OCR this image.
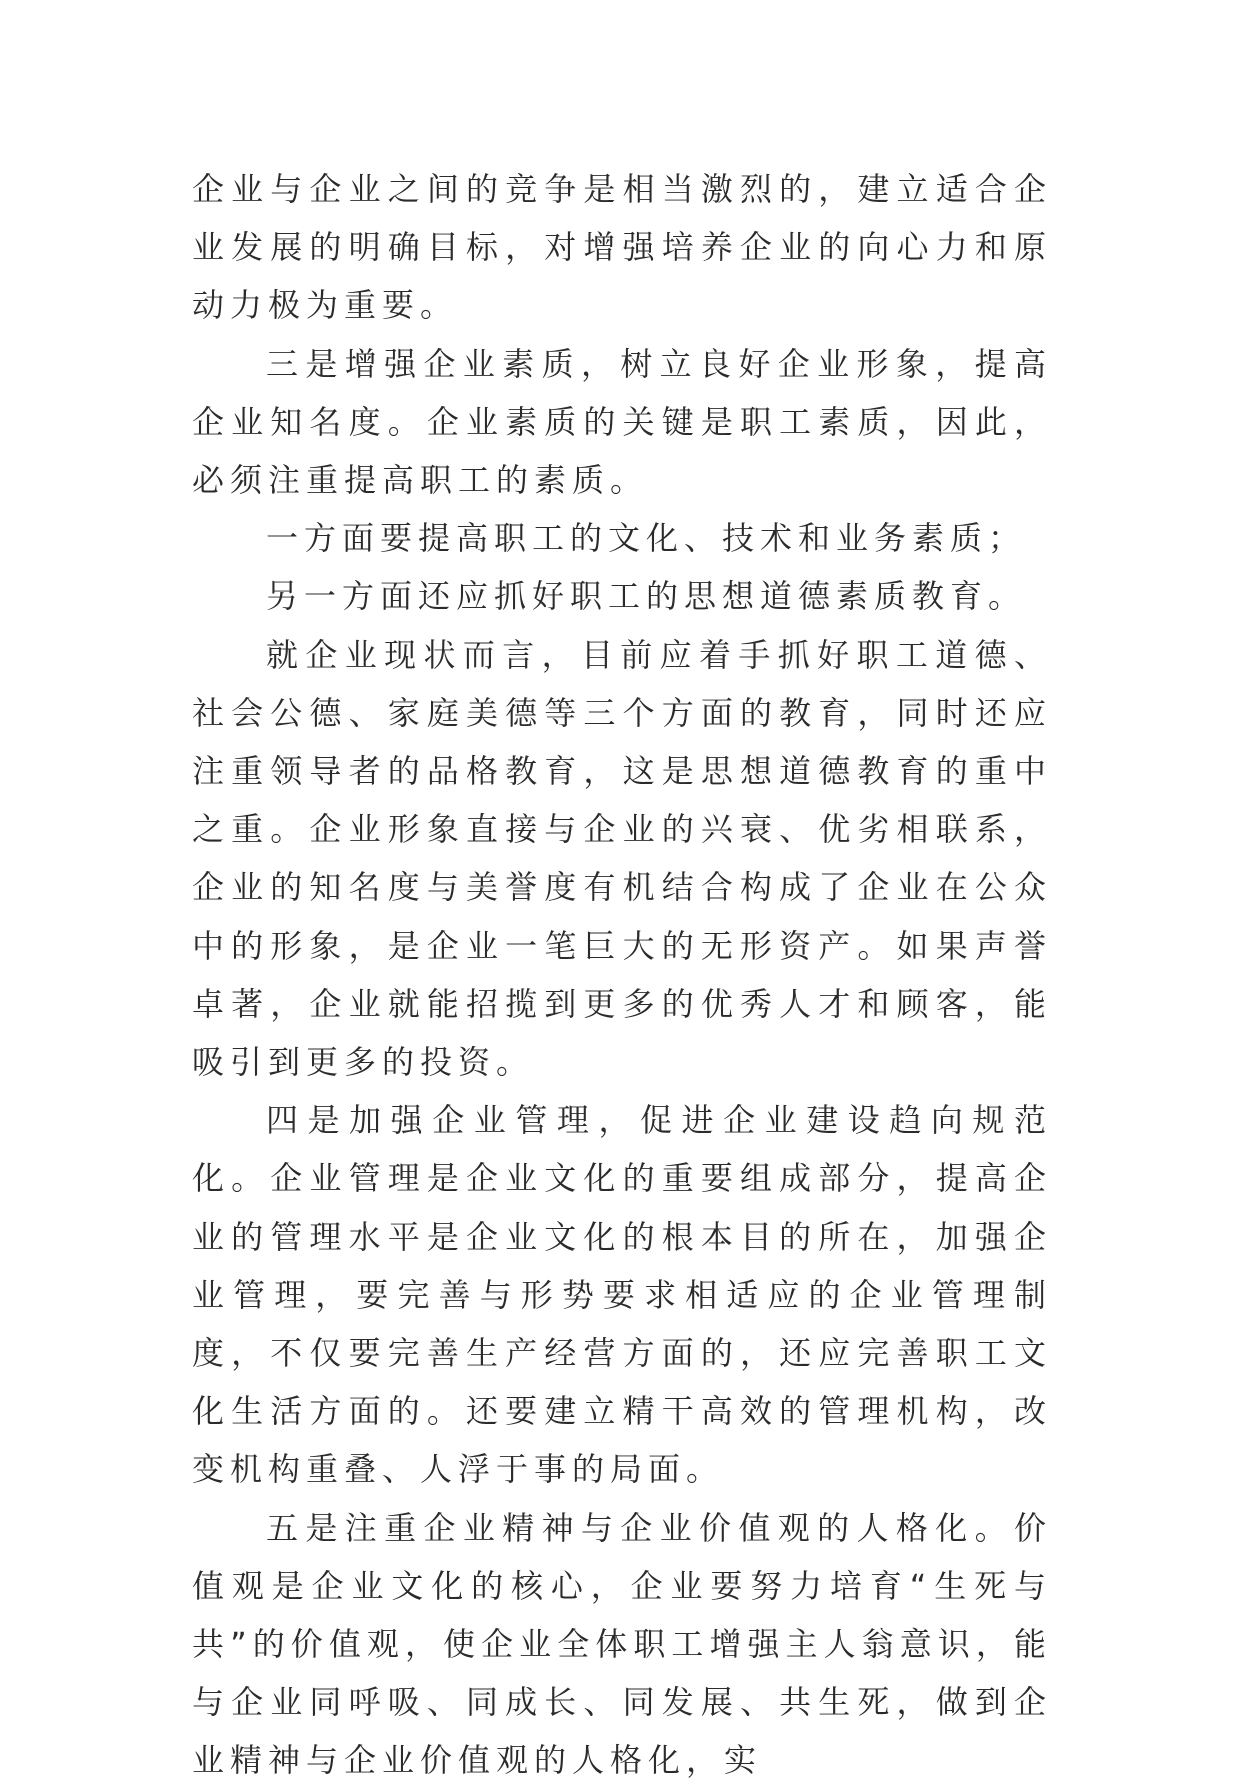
企业与企业之间的竞争是相当激烈的，建立适合企业发展的明确目标，对增强培养企业的向心力和原动力极为重要。

三是增强企业素质，树立良好企业形象，提高企业知名度。企业素质的关键是职工素质，因此，必须注重提高职工的素质。

一方面要提高职工的文化、技术和业务素质；

另一方面还应抓好职工的思想道德素质教育。

就企业现状而言，目前应着手抓好职工道德、社会公德、家庭美德等三个方面的教育，同时还应注重领导者的品格教育，这是思想道德教育的重中之重。企业形象直接与企业的兴衰、优劣相联系，企业的知名度与美誉度有机结合构成了企业在公众中的形象，是企业一笔巨大的无形资产。如果声誉卓著，企业就能招揽到更多的优秀人才和顾客，能吸引到更多的投资。

四是加强企业管理，促进企业建设趋向规范化。企业管理是企业文化的重要组成部分，提高企业的管理水平是企业文化的根本目的所在，加强企业管理，要完善与形势要求相适应的企业管理制度，不仅要完善生产经营方面的，还应完善职工文化生活方面的。还要建立精干高效的管理机构，改变机构重叠、人浮于事的局面。

五是注重企业精神与企业价值观的人格化。价值观是企业文化的核心，企业要努力培育“生死与共”的价值观，使企业全体职工增强主人翁意识，能与企业同呼吸、同成长、同发展、共生死，做到企业精神与企业价值观的人格化，实
